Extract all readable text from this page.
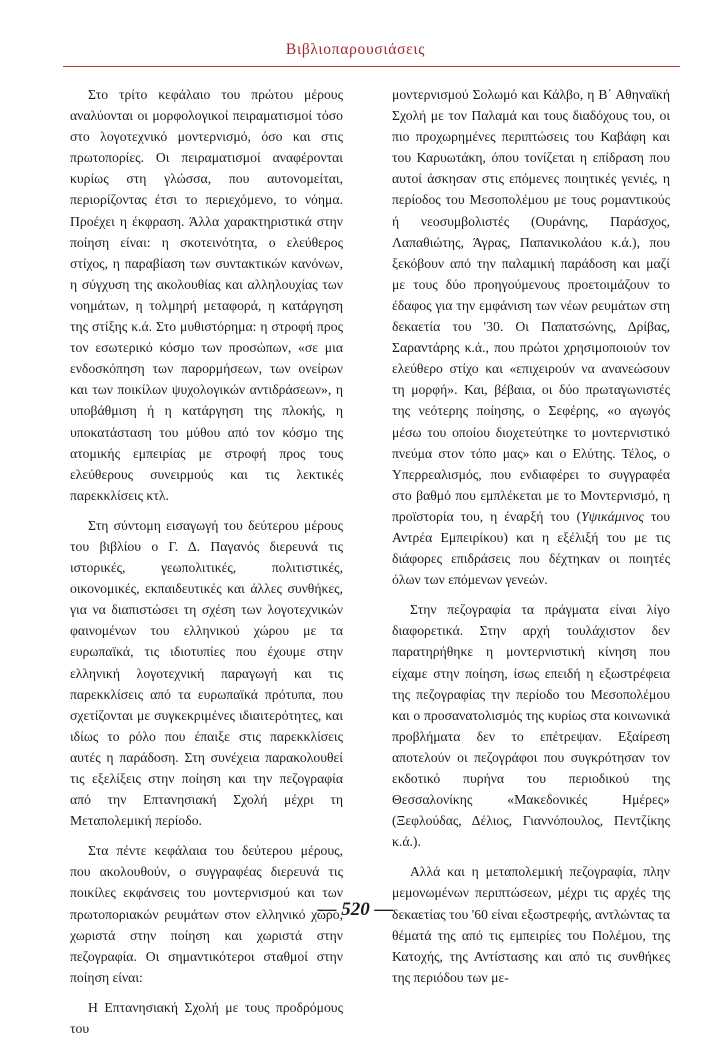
Βιβλιοπαρουσιάσεις

Στο τρίτο κεφάλαιο του πρώτου μέρους αναλύονται οι μορφολογικοί πειραματισμοί τόσο στο λογοτεχνικό μοντερνισμό, όσο και στις πρωτοπορίες. Οι πειραματισμοί αναφέρονται κυρίως στη γλώσσα, που αυτονομείται, περιορίζοντας έτσι το περιεχόμενο, το νόημα. Προέχει η έκφραση. Άλλα χαρακτηριστικά στην ποίηση είναι: η σκοτεινότητα, ο ελεύθερος στίχος, η παραβίαση των συντακτικών κανόνων, η σύγχυση της ακολουθίας και αλληλουχίας των νοημάτων, η τολμηρή μεταφορά, η κατάργηση της στίξης κ.ά. Στο μυθιστόρημα: η στροφή προς τον εσωτερικό κόσμο των προσώπων, «σε μια ενδοσκόπηση των παρορμήσεων, των ονείρων και των ποικίλων ψυχολογικών αντιδράσεων», η υποβάθμιση ή η κατάργηση της πλοκής, η υποκατάσταση του μύθου από τον κόσμο της ατομικής εμπειρίας με στροφή προς τους ελεύθερους συνειρμούς και τις λεκτικές παρεκκλίσεις κτλ.

Στη σύντομη εισαγωγή του δεύτερου μέρους του βιβλίου ο Γ. Δ. Παγανός διερευνά τις ιστορικές, γεωπολιτικές, πολιτιστικές, οικονομικές, εκπαιδευτικές και άλλες συνθήκες, για να διαπιστώσει τη σχέση των λογοτεχνικών φαινομένων του ελληνικού χώρου με τα ευρωπαϊκά, τις ιδιοτυπίες που έχουμε στην ελληνική λογοτεχνική παραγωγή και τις παρεκκλίσεις από τα ευρωπαϊκά πρότυπα, που σχετίζονται με συγκεκριμένες ιδιαιτερότητες, και ιδίως το ρόλο που έπαιξε στις παρεκκλίσεις αυτές η παράδοση. Στη συνέχεια παρακολουθεί τις εξελίξεις στην ποίηση και την πεζογραφία από την Επτανησιακή Σχολή μέχρι τη Μεταπολεμική περίοδο.

Στα πέντε κεφάλαια του δεύτερου μέρους, που ακολουθούν, ο συγγραφέας διερευνά τις ποικίλες εκφάνσεις του μοντερνισμού και των πρωτοποριακών ρευμάτων στον ελληνικό χώρο, χωριστά στην ποίηση και χωριστά στην πεζογραφία. Οι σημαντικότεροι σταθμοί στην ποίηση είναι:

Η Επτανησιακή Σχολή με τους προδρόμους του

μοντερνισμού Σολωμό και Κάλβο, η Β΄ Αθηναϊκή Σχολή με τον Παλαμά και τους διαδόχους του, οι πιο προχωρημένες περιπτώσεις του Καβάφη και του Καρυωτάκη, όπου τονίζεται η επίδραση που αυτοί άσκησαν στις επόμενες ποιητικές γενιές, η περίοδος του Μεσοπολέμου με τους ρομαντικούς ή νεοσυμβολιστές (Ουράνης, Παράσχος, Λαπαθιώτης, Άγρας, Παπανικολάου κ.ά.), που ξεκόβουν από την παλαμική παράδοση και μαζί με τους δύο προηγούμενους προετοιμάζουν το έδαφος για την εμφάνιση των νέων ρευμάτων στη δεκαετία του '30. Οι Παπατσώνης, Δρίβας, Σαραντάρης κ.ά., που πρώτοι χρησιμοποιούν τον ελεύθερο στίχο και «επιχειρούν να ανανεώσουν τη μορφή». Και, βέβαια, οι δύο πρωταγωνιστές της νεότερης ποίησης, ο Σεφέρης, «ο αγωγός μέσω του οποίου διοχετεύτηκε το μοντερνιστικό πνεύμα στον τόπο μας» και ο Ελύτης. Τέλος, ο Υπερρεαλισμός, που ενδιαφέρει το συγγραφέα στο βαθμό που εμπλέκεται με το Μοντερνισμό, η προϊστορία του, η έναρξή του (Υψικάμινος του Αντρέα Εμπειρίκου) και η εξέλιξή του με τις διάφορες επιδράσεις που δέχτηκαν οι ποιητές όλων των επόμενων γενεών.

Στην πεζογραφία τα πράγματα είναι λίγο διαφορετικά. Στην αρχή τουλάχιστον δεν παρατηρήθηκε η μοντερνιστική κίνηση που είχαμε στην ποίηση, ίσως επειδή η εξωστρέφεια της πεζογραφίας την περίοδο του Μεσοπολέμου και ο προσανατολισμός της κυρίως στα κοινωνικά προβλήματα δεν το επέτρεψαν. Εξαίρεση αποτελούν οι πεζογράφοι που συγκρότησαν τον εκδοτικό πυρήνα του περιοδικού της Θεσσαλονίκης «Μακεδονικές Ημέρες» (Ξεφλούδας, Δέλιος, Γιαννόπουλος, Πεντζίκης κ.ά.).

Αλλά και η μεταπολεμική πεζογραφία, πλην μεμονωμένων περιπτώσεων, μέχρι τις αρχές της δεκαετίας του '60 είναι εξωστρεφής, αντλώντας τα θέματά της από τις εμπειρίες του Πολέμου, της Κατοχής, της Αντίστασης και από τις συνθήκες της περιόδου των με-

— 520 —
